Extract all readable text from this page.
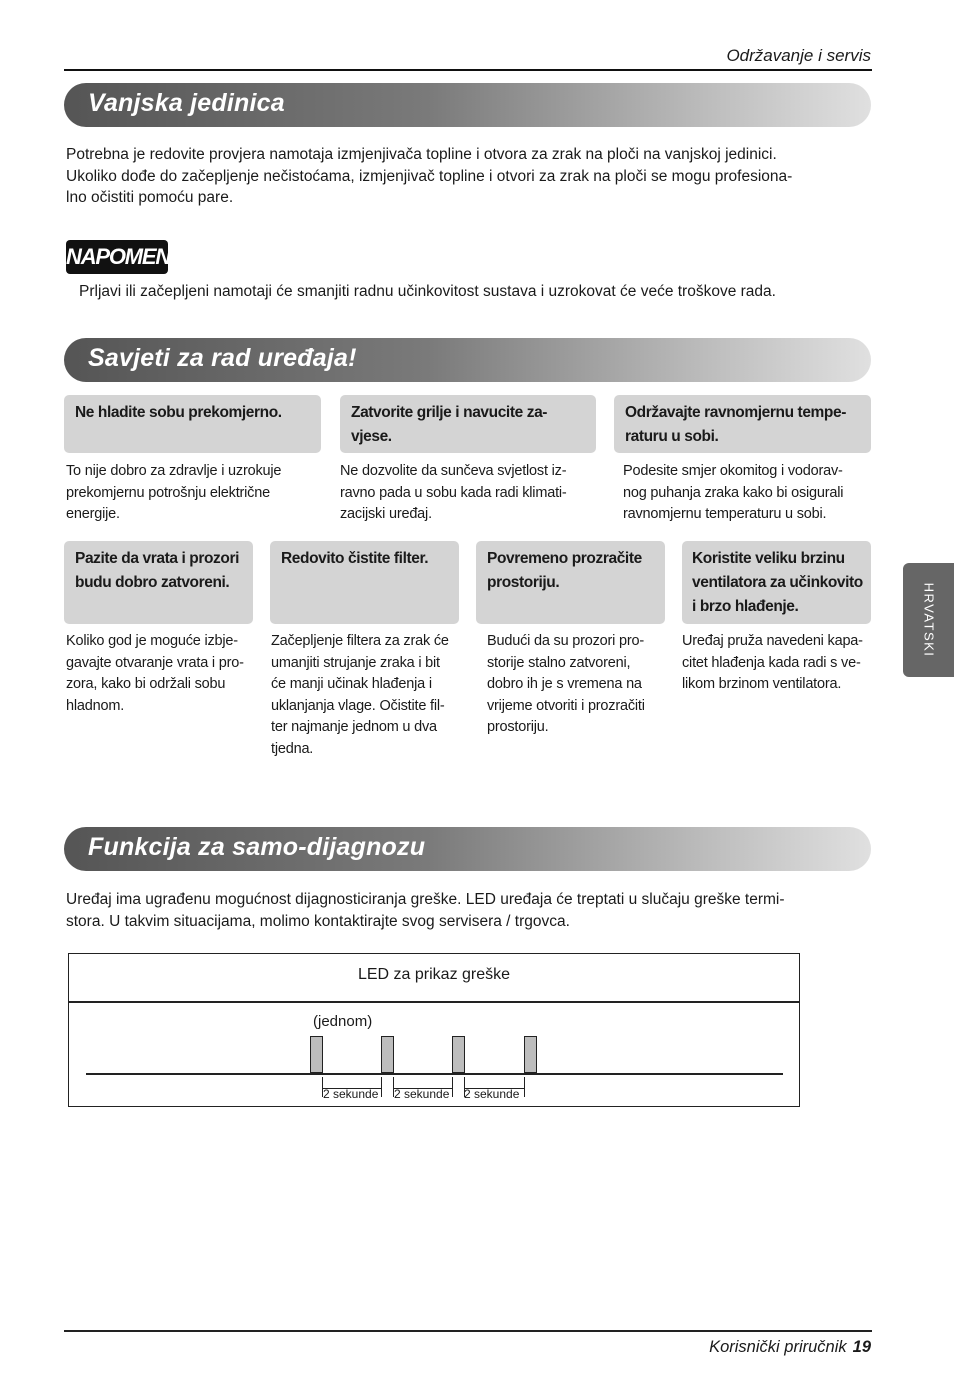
Održavanje i servis
Vanjska jedinica
Potrebna je redovite provjera namotaja izmjenjivača topline i otvora za zrak na ploči na vanjskoj jedinici.
Ukoliko dođe do začepljenje nečistoćama, izmjenjivač topline i otvori za zrak na ploči se mogu profesiona-
lno očistiti pomoću pare.
NAPOMENA
Prljavi ili začepljeni namotaji će smanjiti radnu učinkovitost sustava i uzrokovat će veće troškove rada.
Savjeti za rad uređaja!
Ne hladite sobu prekomjerno.
To nije dobro za zdravlje i uzrokuje
prekomjernu potrošnju električne
energije.
Zatvorite grilje i navucite za-
vjese.
Ne dozvolite da sunčeva svjetlost iz-
ravno pada u sobu kada radi klimati-
zacijski uređaj.
Održavajte ravnomjernu tempe-
raturu u sobi.
Podesite smjer okomitog i vodorav-
nog puhanja zraka kako bi osigurali
ravnomjernu temperaturu u sobi.
Pazite da vrata i prozori
budu dobro zatvoreni.
Koliko god je moguće izbje-
gavajte otvaranje vrata i pro-
zora, kako bi održali sobu
hladnom.
Redovito čistite filter.
Začepljenje filtera za zrak će
umanjiti strujanje zraka i bit
će manji učinak hlađenja i
uklanjanja vlage. Očistite fil-
ter najmanje jednom u dva
tjedna.
Povremeno prozračite
prostoriju.
Budući da su prozori pro-
storije stalno zatvoreni,
dobro ih je s vremena na
vrijeme otvoriti i prozračiti
prostoriju.
Koristite veliku brzinu
ventilatora za učinkovito
i brzo hlađenje.
Uređaj pruža navedeni kapa-
citet hlađenja kada radi s ve-
likom brzinom ventilatora.
HRVATSKI
Funkcija za samo-dijagnozu
Uređaj ima ugrađenu mogućnost dijagnosticiranja greške. LED uređaja će treptati u slučaju greške termi-
stora. U takvim situacijama, molimo kontaktirajte svog servisera / trgovca.
LED za prikaz greške
(jednom)
2 sekunde 2 sekunde 2 sekunde
Korisnički priručnik 19
